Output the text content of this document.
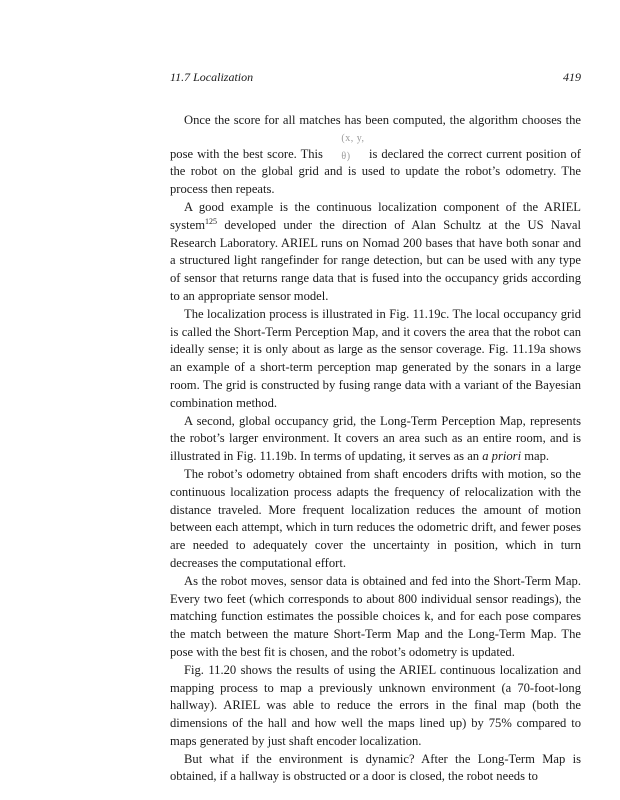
11.7 Localization	419

Once the score for all matches has been computed, the algorithm chooses the pose with the best score. This (x, y, θ) is declared the correct current position of the robot on the global grid and is used to update the robot’s odometry. The process then repeats.

A good example is the continuous localization component of the ARIEL system$^{125}$ developed under the direction of Alan Schultz at the US Naval Research Laboratory. ARIEL runs on Nomad 200 bases that have both sonar and a structured light rangefinder for range detection, but can be used with any type of sensor that returns range data that is fused into the occupancy grids according to an appropriate sensor model.

The localization process is illustrated in Fig. 11.19c. The local occupancy grid is called the Short-Term Perception Map, and it covers the area that the robot can ideally sense; it is only about as large as the sensor coverage. Fig. 11.19a shows an example of a short-term perception map generated by the sonars in a large room. The grid is constructed by fusing range data with a variant of the Bayesian combination method.

A second, global occupancy grid, the Long-Term Perception Map, represents the robot’s larger environment. It covers an area such as an entire room, and is illustrated in Fig. 11.19b. In terms of updating, it serves as an a priori map.

The robot’s odometry obtained from shaft encoders drifts with motion, so the continuous localization process adapts the frequency of relocalization with the distance traveled. More frequent localization reduces the amount of motion between each attempt, which in turn reduces the odometric drift, and fewer poses are needed to adequately cover the uncertainty in position, which in turn decreases the computational effort.

As the robot moves, sensor data is obtained and fed into the Short-Term Map. Every two feet (which corresponds to about 800 individual sensor readings), the matching function estimates the possible choices k, and for each pose compares the match between the mature Short-Term Map and the Long-Term Map. The pose with the best fit is chosen, and the robot’s odometry is updated.

Fig. 11.20 shows the results of using the ARIEL continuous localization and mapping process to map a previously unknown environment (a 70-foot-long hallway). ARIEL was able to reduce the errors in the final map (both the dimensions of the hall and how well the maps lined up) by 75% compared to maps generated by just shaft encoder localization.

But what if the environment is dynamic? After the Long-Term Map is obtained, if a hallway is obstructed or a door is closed, the robot needs to
